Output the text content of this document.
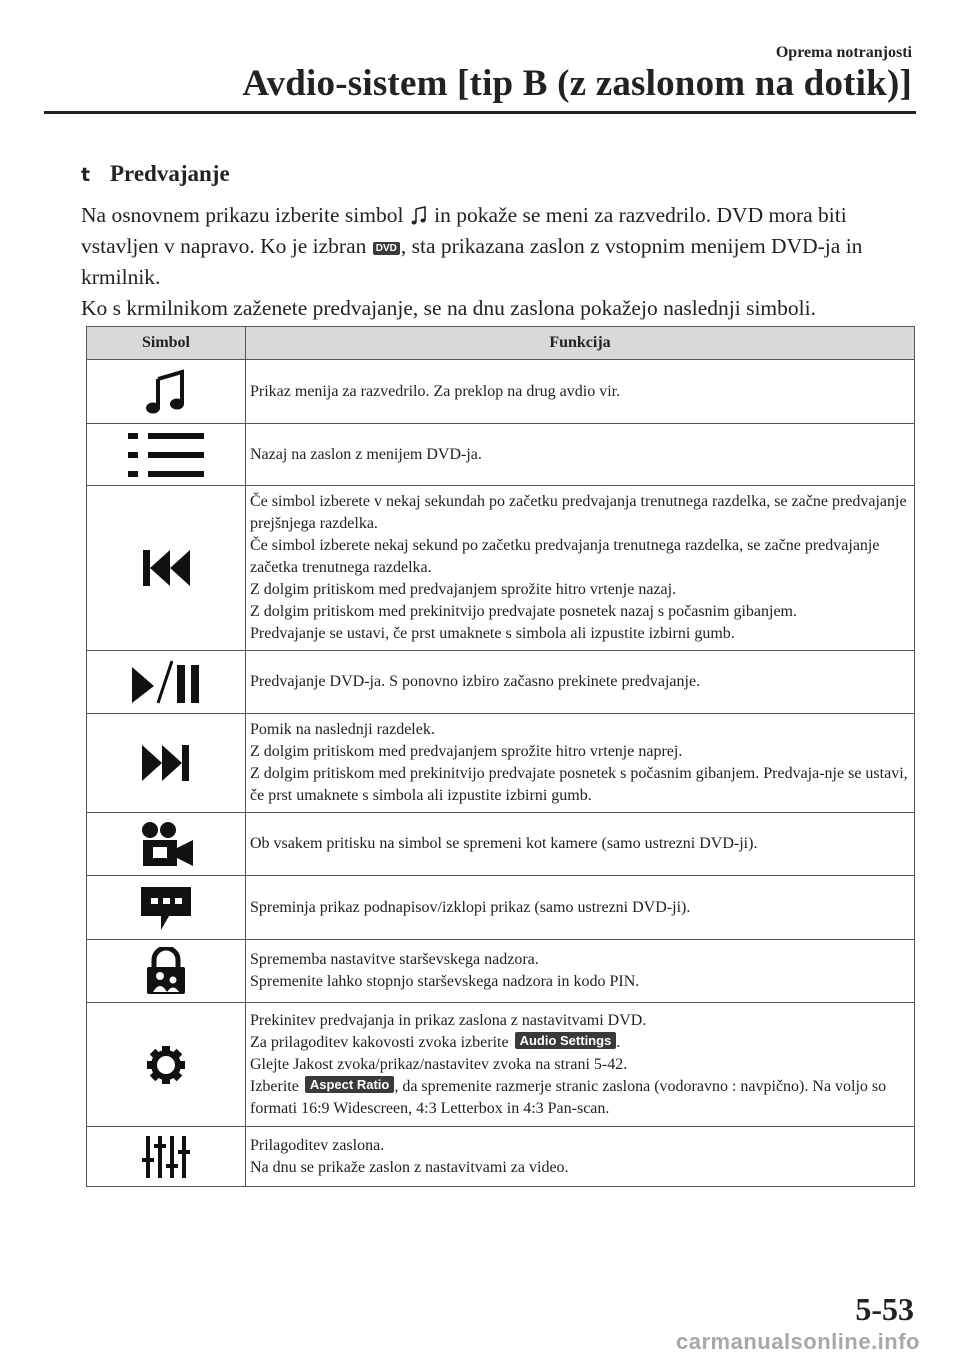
Oprema notranjosti
Avdio-sistem [tip B (z zaslonom na dotik)]
t Predvajanje

Na osnovnem prikazu izberite simbol  in pokaže se meni za razvedrilo. DVD mora biti vstavljen v napravo. Ko je izbran DVD , sta prikazana zaslon z vstopnim menijem DVD-ja in krmilnik.

Ko s krmilnikom zaženete predvajanje, se na dnu zaslona pokažejo naslednji simboli.

Simbol	Funkcija

Prikaz menija za razvedrilo. Za preklop na drug avdio vir.

Nazaj na zaslon z menijem DVD-ja.

Če simbol izberete v nekaj sekundah po začetku predvajanja trenutnega razdelka, se začne predvajanje prejšnjega razdelka.
Če simbol izberete nekaj sekund po začetku predvajanja trenutnega razdelka, se začne predvajanje začetka trenutnega razdelka.
Z dolgim pritiskom med predvajanjem sprožite hitro vrtenje nazaj.
Z dolgim pritiskom med prekinitvijo predvajate posnetek nazaj s počasnim gibanjem.
Predvajanje se ustavi, če prst umaknete s simbola ali izpustite izbirni gumb.

Predvajanje DVD-ja. S ponovno izbiro začasno prekinete predvajanje.

Pomik na naslednji razdelek.
Z dolgim pritiskom med predvajanjem sprožite hitro vrtenje naprej.
Z dolgim pritiskom med prekinitvijo predvajate posnetek s počasnim gibanjem. Predvaja-nje se ustavi, če prst umaknete s simbola ali izpustite izbirni gumb.

Ob vsakem pritisku na simbol se spremeni kot kamere (samo ustrezni DVD-ji).

Spreminja prikaz podnapisov/izklopi prikaz (samo ustrezni DVD-ji).

Sprememba nastavitve starševskega nadzora.
Spremenite lahko stopnjo starševskega nadzora in kodo PIN.

Prekinitev predvajanja in prikaz zaslona z nastavitvami DVD.
Za prilagoditev kakovosti zvoka izberite Audio Settings .
Glejte Jakost zvoka/prikaz/nastavitev zvoka na strani 5-42.
Izberite Aspect Ratio , da spremenite razmerje stranic zaslona (vodoravno : navpično). Na voljo so formati 16:9 Widescreen, 4:3 Letterbox in 4:3 Pan-scan.

Prilagoditev zaslona.
Na dnu se prikaže zaslon z nastavitvami za video.
5-53
carmanualsonline.info
